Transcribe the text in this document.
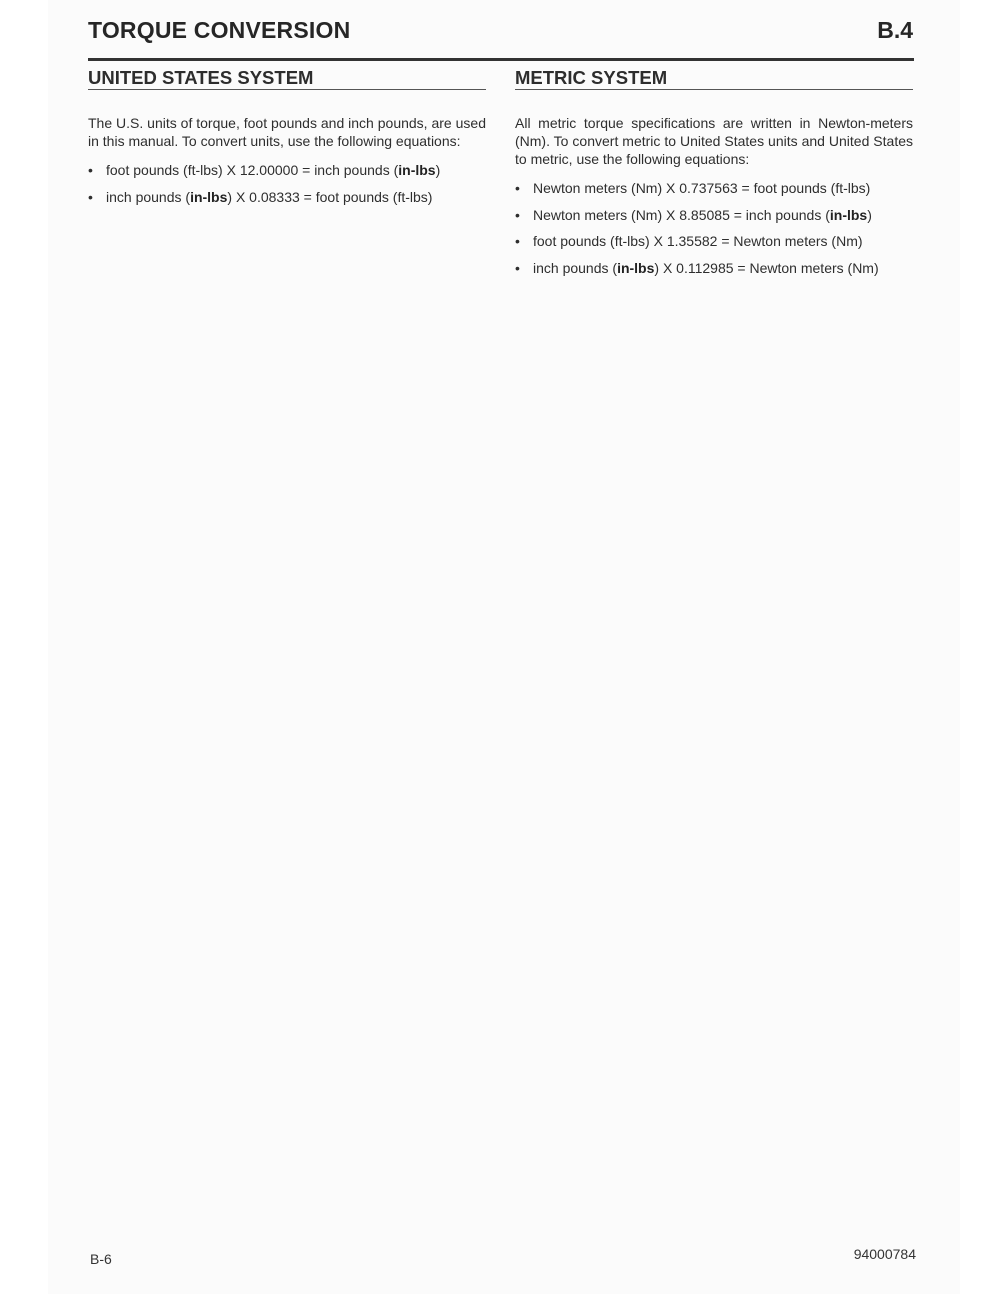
TORQUE CONVERSION	B.4
UNITED STATES SYSTEM

The U.S. units of torque, foot pounds and inch pounds, are used in this manual. To convert units, use the following equations:

• foot pounds (ft-lbs) X 12.00000 = inch pounds (in-lbs)
• inch pounds (in-lbs) X 0.08333 = foot pounds (ft-lbs)
METRIC SYSTEM

All metric torque specifications are written in Newton-meters (Nm). To convert metric to United States units and United States to metric, use the following equations:

• Newton meters (Nm) X 0.737563 = foot pounds (ft-lbs)
• Newton meters (Nm) X 8.85085 = inch pounds (in-lbs)
• foot pounds (ft-lbs) X 1.35582 = Newton meters (Nm)
• inch pounds (in-lbs) X 0.112985 = Newton meters (Nm)
B-6	94000784
